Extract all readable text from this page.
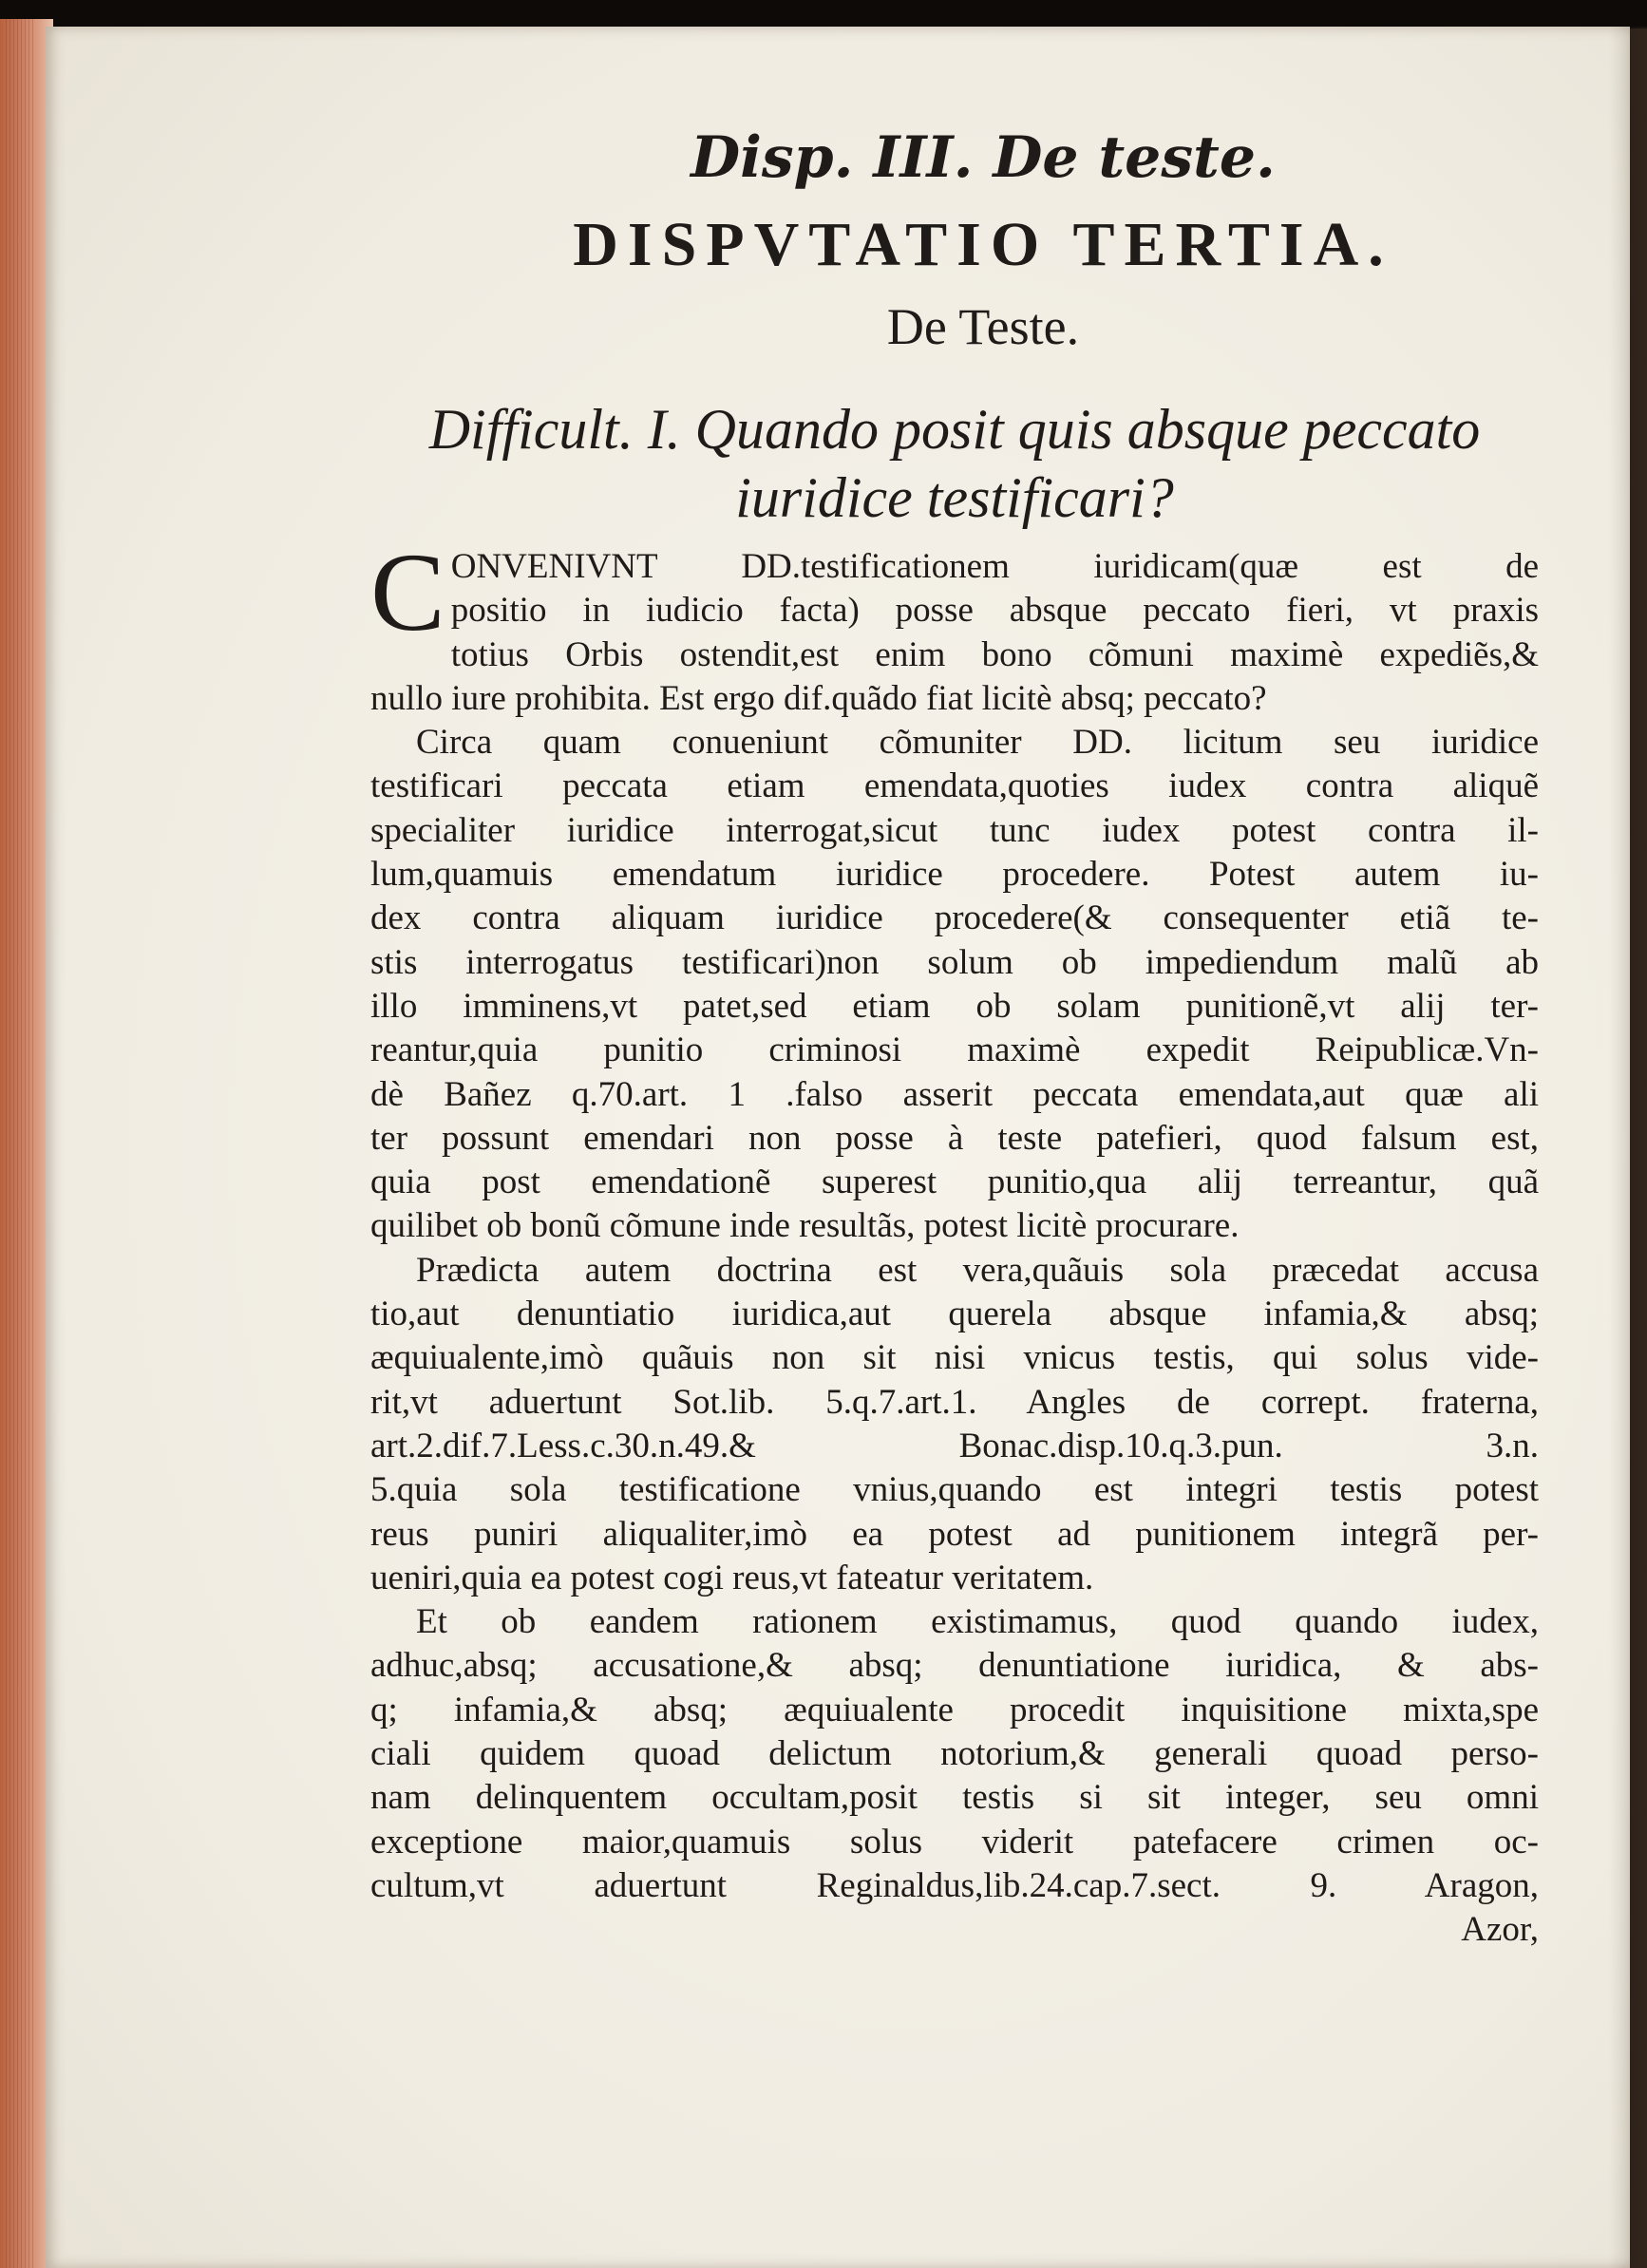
Disp. III. De teste.
DISPVTATIO TERTIA.
De Teste.
Difficult. I. Quando posit quis absque peccato iuridice testificari?
C ONVENIVNT DD.testificationem iuridicam(quæ est de
positio in iudicio facta) posse absque peccato fieri, vt praxis
totius Orbis ostendit,est enim bono cõmuni maximè expediẽs,&
nullo iure prohibita. Est ergo dif.quãdo fiat licitè absq; peccato?
Circa quam conueniunt cõmuniter DD. licitum seu iuridice
testificari peccata etiam emendata,quoties iudex contra aliquẽ
specialiter iuridice interrogat,sicut tunc iudex potest contra il-
lum,quamuis emendatum iuridice procedere. Potest autem iu-
dex contra aliquam iuridice procedere(& consequenter etiã te-
stis interrogatus testificari)non solum ob impediendum malũ ab
illo imminens,vt patet,sed etiam ob solam punitionẽ,vt alij ter-
reantur,quia punitio criminosi maximè expedit Reipublicæ.Vn-
dè Bañez q.70.art. 1 .falso asserit peccata emendata,aut quæ ali
ter possunt emendari non posse à teste patefieri, quod falsum est,
quia post emendationẽ superest punitio,qua alij terreantur, quã
quilibet ob bonũ cõmune inde resultãs, potest licitè procurare.
Prædicta autem doctrina est vera,quãuis sola præcedat accusa
tio,aut denuntiatio iuridica,aut querela absque infamia,& absq;
æquiualente,imò quãuis non sit nisi vnicus testis, qui solus vide-
rit,vt aduertunt Sot.lib. 5.q.7.art.1. Angles de corrept. fraterna,
art.2.dif.7.Less.c.30.n.49.& Bonac.disp.10.q.3.pun. 3.n.
5.quia sola testificatione vnius,quando est integri testis potest
reus puniri aliqualiter,imò ea potest ad punitionem integrã per-
ueniri,quia ea potest cogi reus,vt fateatur veritatem.
Et ob eandem rationem existimamus, quod quando iudex,
adhuc,absq; accusatione,& absq; denuntiatione iuridica, & abs-
q; infamia,& absq; æquiualente procedit inquisitione mixta,spe
ciali quidem quoad delictum notorium,& generali quoad perso-
nam delinquentem occultam,posit testis si sit integer, seu omni
exceptione maior,quamuis solus viderit patefacere crimen oc-
cultum,vt aduertunt Reginaldus,lib.24.cap.7.sect. 9. Aragon,
Azor,
